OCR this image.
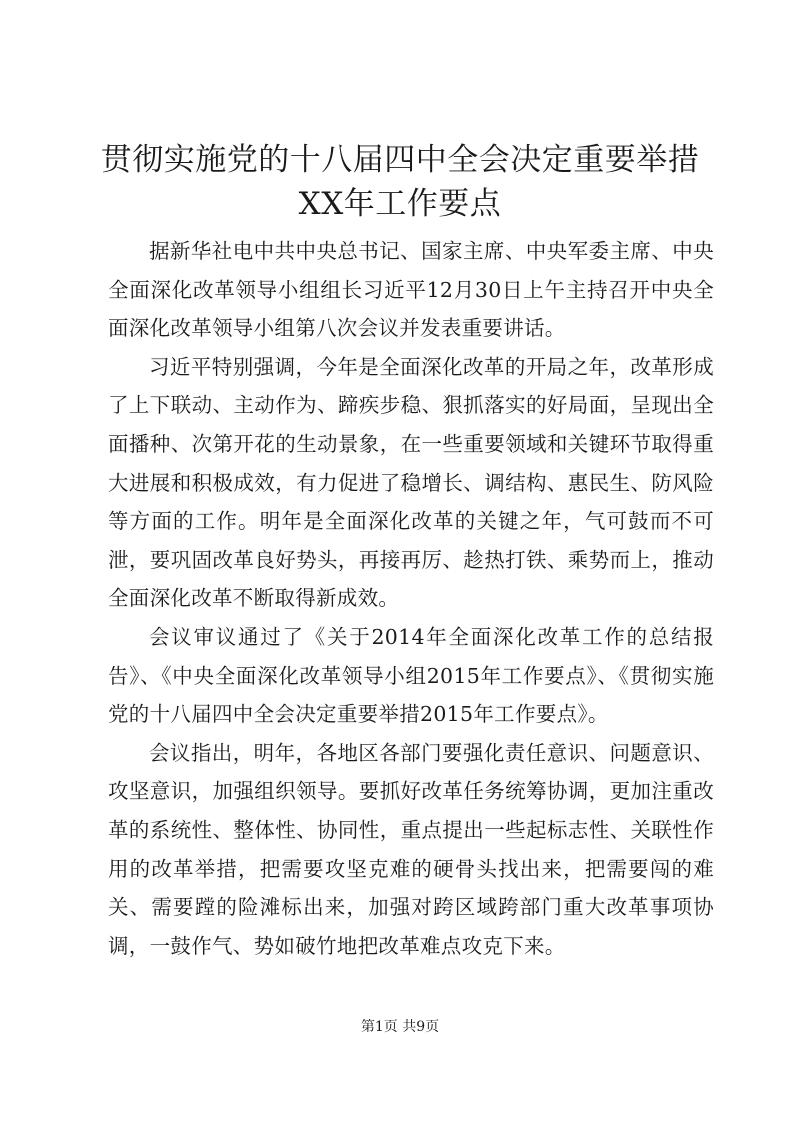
贯彻实施党的十八届四中全会决定重要举措
XX年工作要点

据新华社电中共中央总书记、国家主席、中央军委主席、中央全面深化改革领导小组组长习近平12月30日上午主持召开中央全面深化改革领导小组第八次会议并发表重要讲话。

习近平特别强调，今年是全面深化改革的开局之年，改革形成了上下联动、主动作为、蹄疾步稳、狠抓落实的好局面，呈现出全面播种、次第开花的生动景象，在一些重要领域和关键环节取得重大进展和积极成效，有力促进了稳增长、调结构、惠民生、防风险等方面的工作。明年是全面深化改革的关键之年，气可鼓而不可泄，要巩固改革良好势头，再接再厉、趁热打铁、乘势而上，推动全面深化改革不断取得新成效。

会议审议通过了《关于2014年全面深化改革工作的总结报告》、《中央全面深化改革领导小组2015年工作要点》、《贯彻实施党的十八届四中全会决定重要举措2015年工作要点》。

会议指出，明年，各地区各部门要强化责任意识、问题意识、攻坚意识，加强组织领导。要抓好改革任务统筹协调，更加注重改革的系统性、整体性、协同性，重点提出一些起标志性、关联性作用的改革举措，把需要攻坚克难的硬骨头找出来，把需要闯的难关、需要蹚的险滩标出来，加强对跨区域跨部门重大改革事项协调，一鼓作气、势如破竹地把改革难点攻克下来。

第1页 共9页
